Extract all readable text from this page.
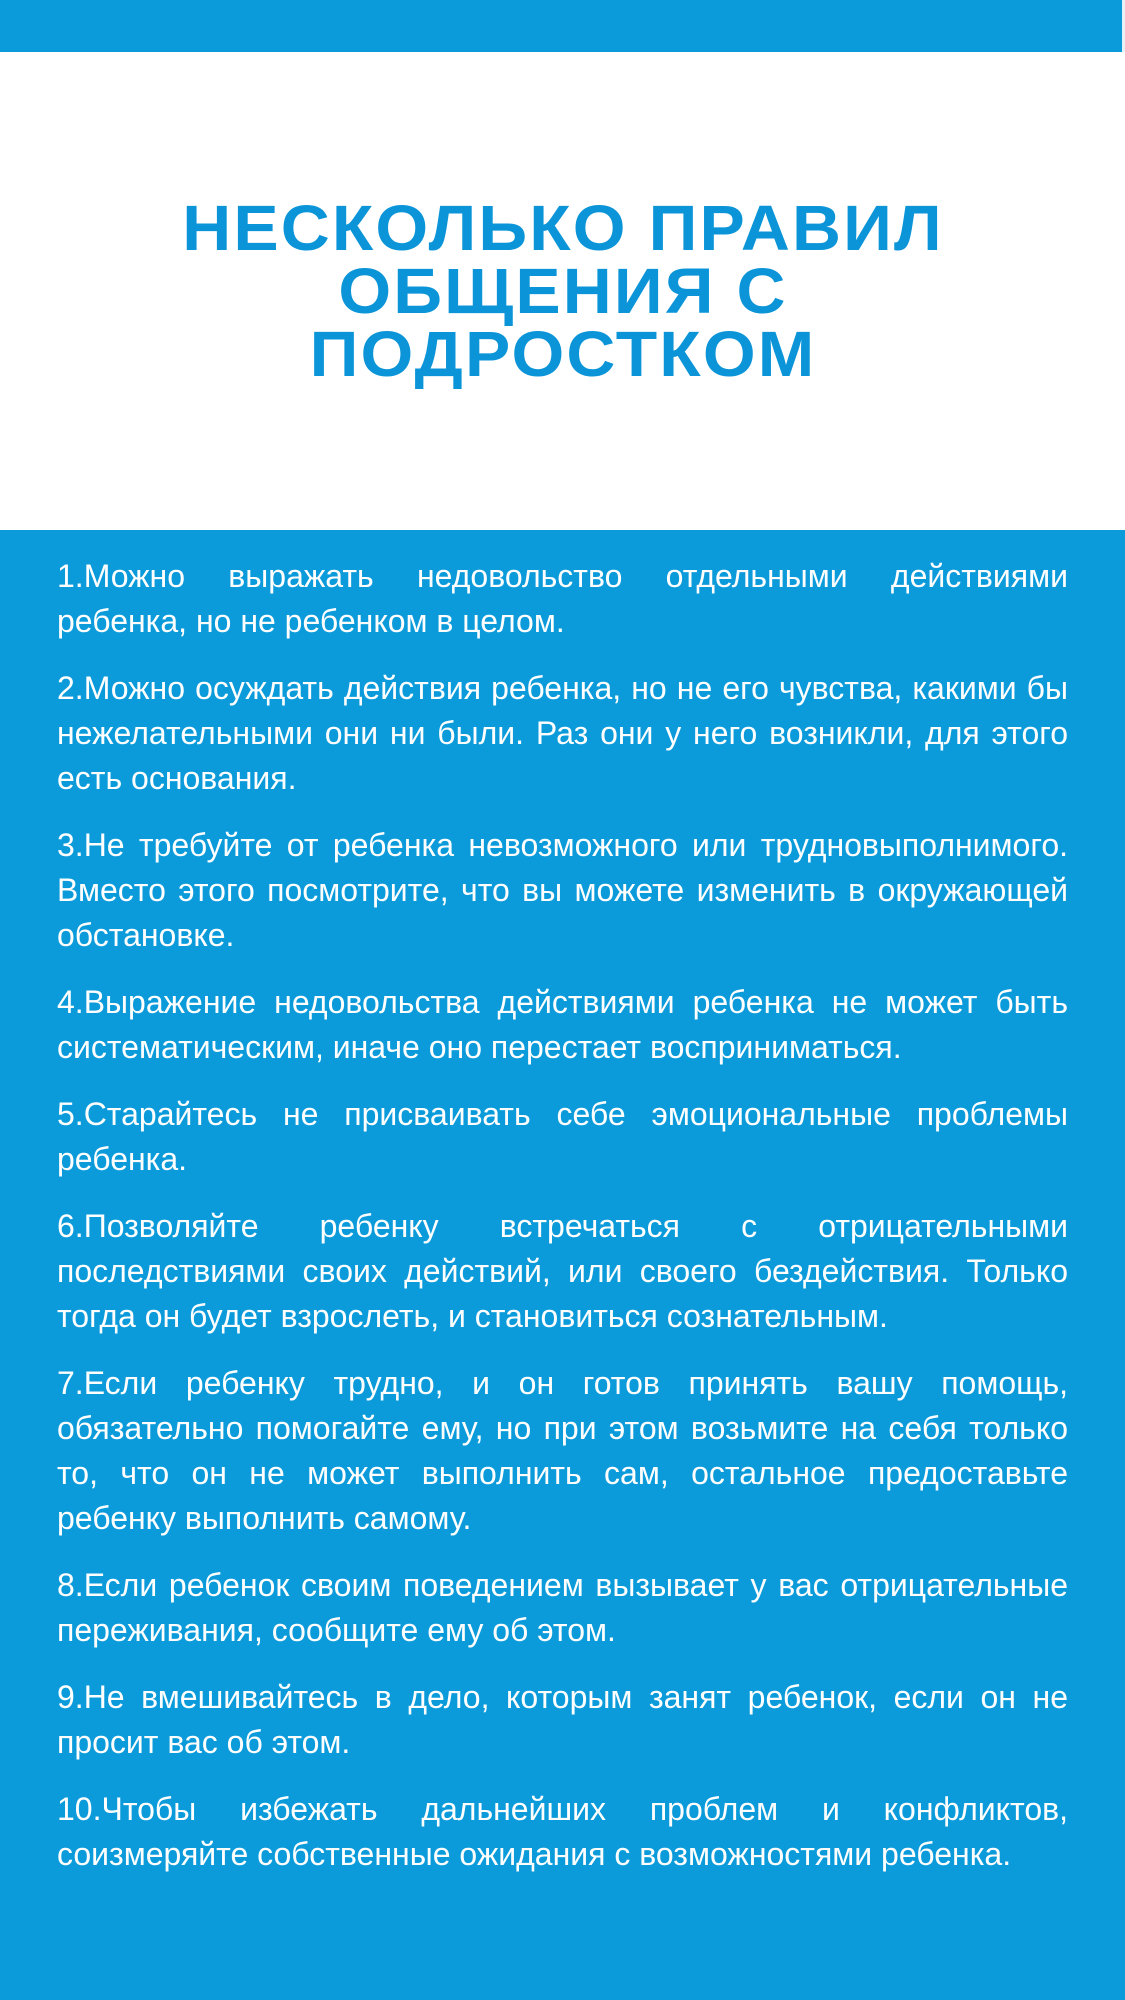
НЕСКОЛЬКО ПРАВИЛ ОБЩЕНИЯ С ПОДРОСТКОМ
1.Можно выражать недовольство отдельными действиями ребенка, но не ребенком в целом.
2.Можно осуждать действия ребенка, но не его чувства, какими бы нежелательными они ни были. Раз они у него возникли, для этого есть основания.
3.Не требуйте от ребенка невозможного или трудновыполнимого. Вместо этого посмотрите, что вы можете изменить в окружающей обстановке.
4.Выражение недовольства действиями ребенка не может быть систематическим, иначе оно перестает восприниматься.
5.Старайтесь не присваивать себе эмоциональные проблемы ребенка.
6.Позволяйте ребенку встречаться с отрицательными последствиями своих действий, или своего бездействия. Только тогда он будет взрослеть, и становиться сознательным.
7.Если ребенку трудно, и он готов принять вашу помощь, обязательно помогайте ему, но при этом возьмите на себя только то, что он не может выполнить сам, остальное предоставьте ребенку выполнить самому.
8.Если ребенок своим поведением вызывает у вас отрицательные переживания, сообщите ему об этом.
9.Не вмешивайтесь в дело, которым занят ребенок, если он не просит вас об этом.
10.Чтобы избежать дальнейших проблем и конфликтов, соизмеряйте собственные ожидания с возможностями ребенка.
